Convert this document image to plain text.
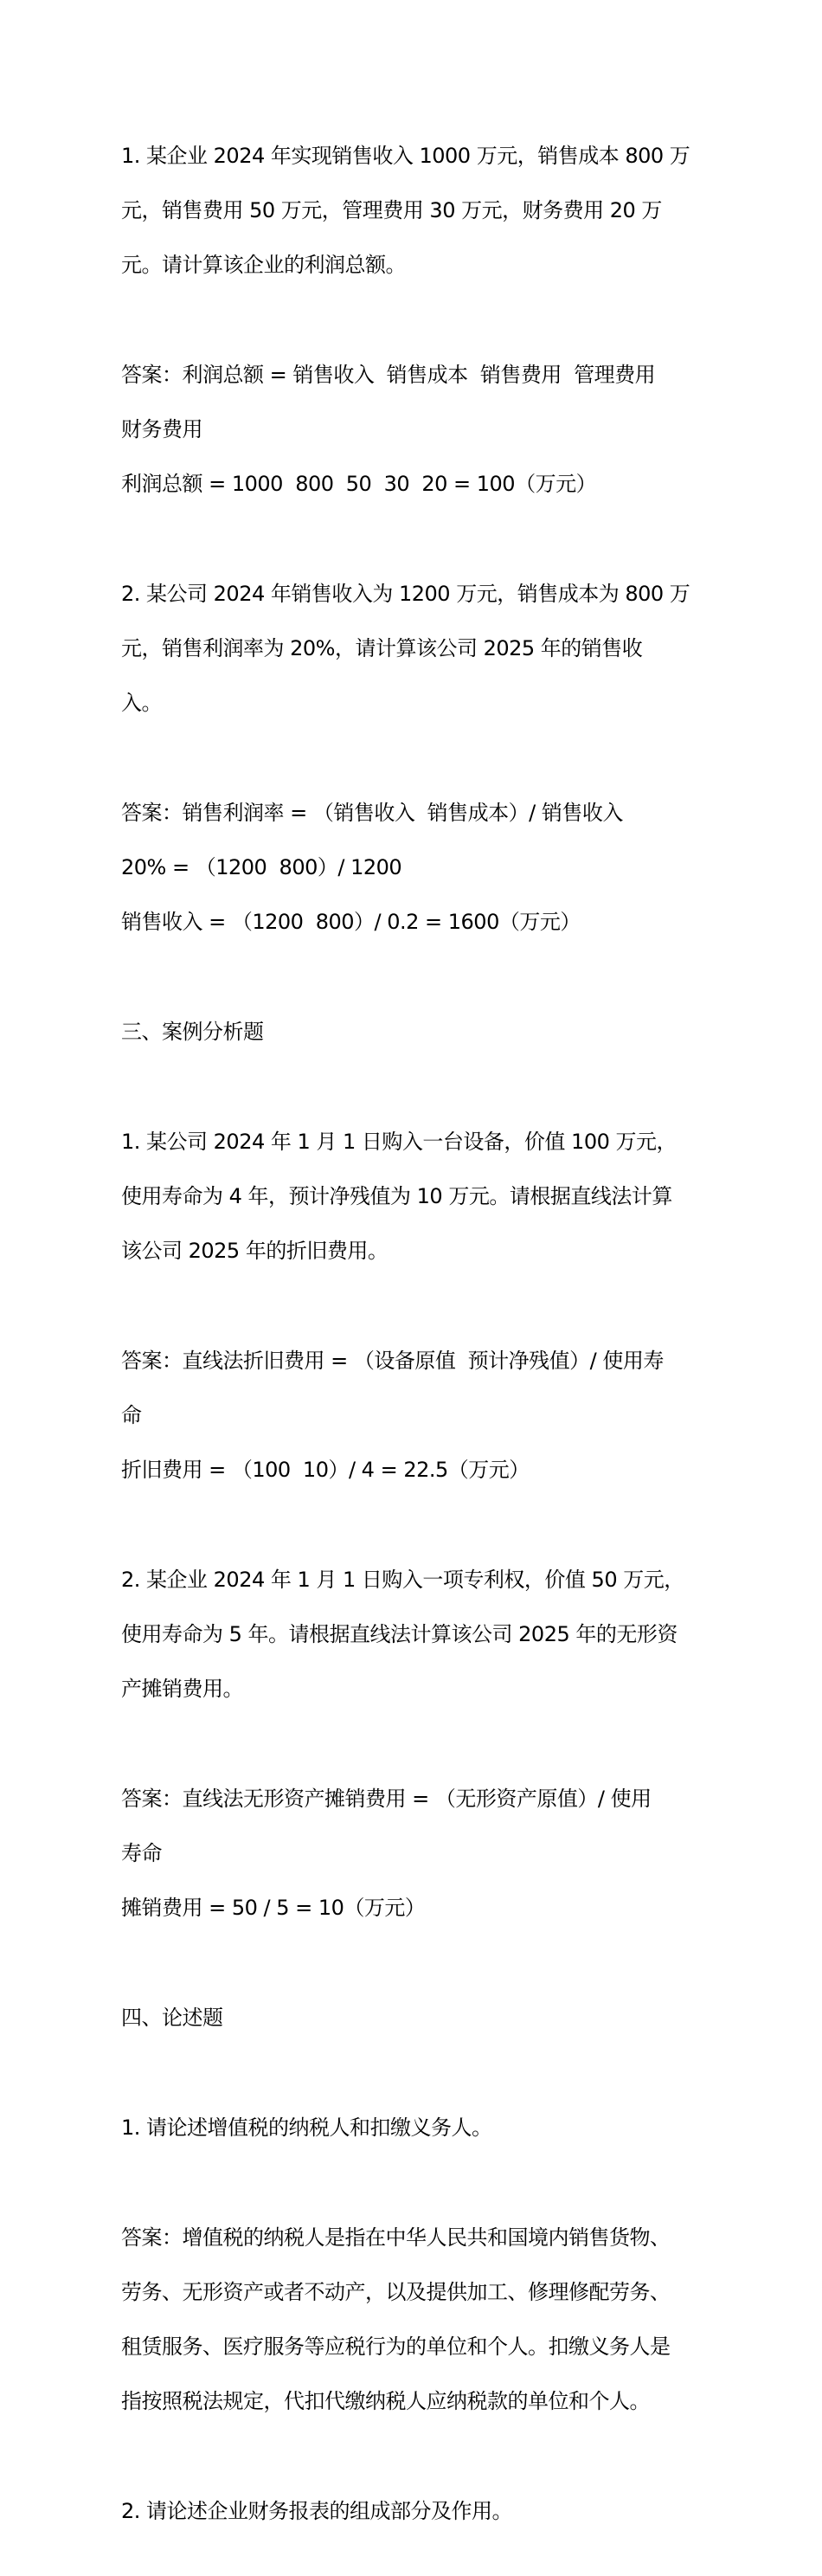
1. 某企业 2024 年实现销售收入 1000 万元，销售成本 800 万

元，销售费用 50 万元，管理费用 30 万元，财务费用 20 万

元。请计算该企业的利润总额。

答案：利润总额 = 销售收入  销售成本  销售费用  管理费用

财务费用

利润总额 = 1000  800  50  30  20 = 100（万元）

2. 某公司 2024 年销售收入为 1200 万元，销售成本为 800 万

元，销售利润率为 20%，请计算该公司 2025 年的销售收

入。

答案：销售利润率 = （销售收入  销售成本）/ 销售收入

20% = （1200  800）/ 1200

销售收入 = （1200  800）/ 0.2 = 1600（万元）

三、案例分析题

1. 某公司 2024 年 1 月 1 日购入一台设备，价值 100 万元，

使用寿命为 4 年，预计净残值为 10 万元。请根据直线法计算

该公司 2025 年的折旧费用。

答案：直线法折旧费用 = （设备原值  预计净残值）/ 使用寿

命

折旧费用 = （100  10）/ 4 = 22.5（万元）

2. 某企业 2024 年 1 月 1 日购入一项专利权，价值 50 万元，

使用寿命为 5 年。请根据直线法计算该公司 2025 年的无形资

产摊销费用。

答案：直线法无形资产摊销费用 = （无形资产原值）/ 使用

寿命

摊销费用 = 50 / 5 = 10（万元）

四、论述题

1. 请论述增值税的纳税人和扣缴义务人。

答案：增值税的纳税人是指在中华人民共和国境内销售货物、

劳务、无形资产或者不动产，以及提供加工、修理修配劳务、

租赁服务、医疗服务等应税行为的单位和个人。扣缴义务人是

指按照税法规定，代扣代缴纳税人应纳税款的单位和个人。

2. 请论述企业财务报表的组成部分及作用。
